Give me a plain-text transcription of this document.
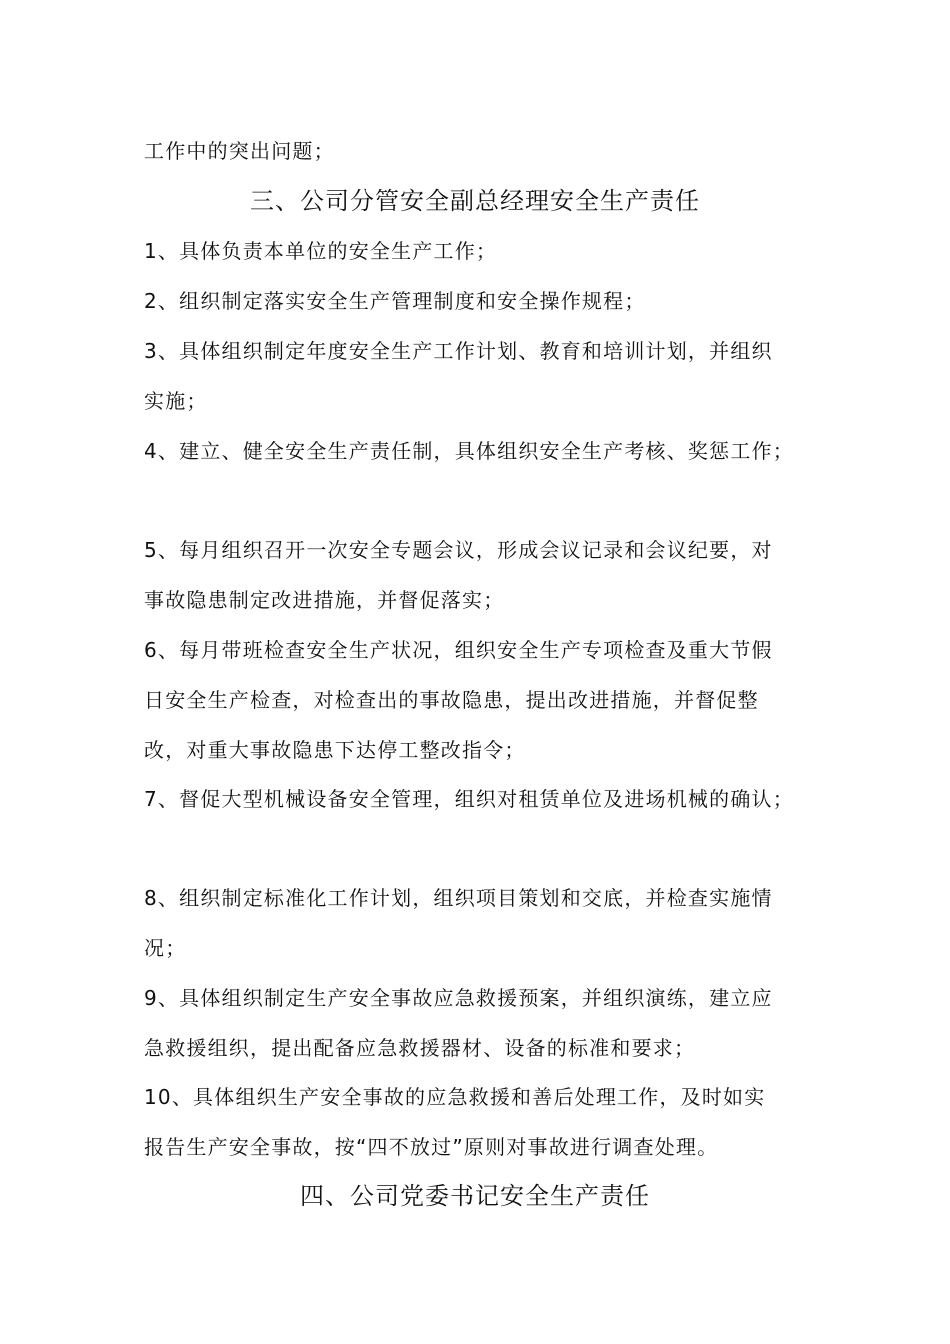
工作中的突出问题；
三、公司分管安全副总经理安全生产责任
1、具体负责本单位的安全生产工作；
2、组织制定落实安全生产管理制度和安全操作规程；
3、具体组织制定年度安全生产工作计划、教育和培训计划，并组织
实施；
4、建立、健全安全生产责任制，具体组织安全生产考核、奖惩工作；
5、每月组织召开一次安全专题会议，形成会议记录和会议纪要，对
事故隐患制定改进措施，并督促落实；
6、每月带班检查安全生产状况，组织安全生产专项检查及重大节假
日安全生产检查，对检查出的事故隐患，提出改进措施，并督促整
改，对重大事故隐患下达停工整改指令；
7、督促大型机械设备安全管理，组织对租赁单位及进场机械的确认；
8、组织制定标准化工作计划，组织项目策划和交底，并检查实施情
况；
9、具体组织制定生产安全事故应急救援预案，并组织演练，建立应
急救援组织，提出配备应急救援器材、设备的标准和要求；
10、具体组织生产安全事故的应急救援和善后处理工作，及时如实
报告生产安全事故，按“四不放过”原则对事故进行调查处理。
四、公司党委书记安全生产责任
